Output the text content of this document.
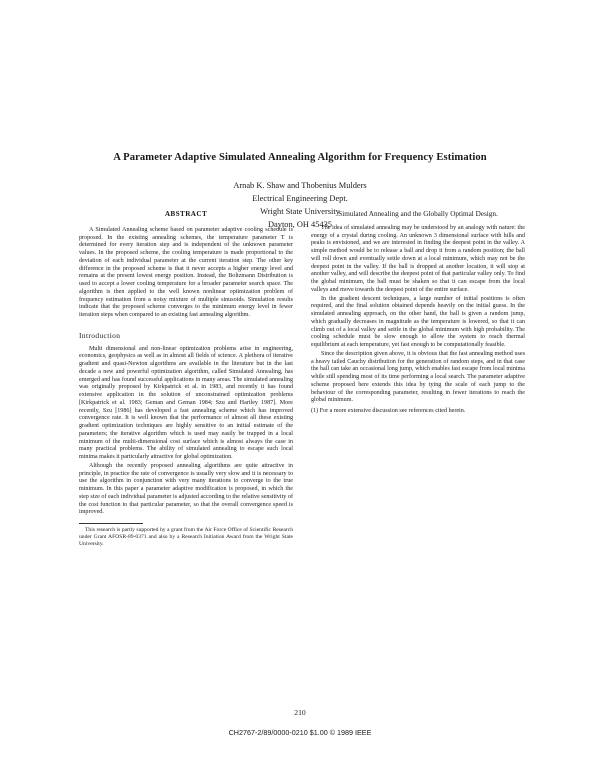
A Parameter Adaptive Simulated Annealing Algorithm for Frequency Estimation
Arnab K. Shaw and Thobenius Mulders
Electrical Engineering Dept.
Wright State University
Dayton, OH 45435
ABSTRACT

A Simulated Annealing scheme based on parameter adaptive cooling schedule is proposed. In the existing annealing schemes, the temperature parameter T is determined for every iteration step and is independent of the unknown parameter values. In the proposed scheme, the cooling temperature is made proportional to the deviation of each individual parameter at the current iteration step. The other key difference in the proposed scheme is that it never accepts a higher energy level and remains at the present lowest energy position. Instead, the Boltzmann Distribution is used to accept a lower cooling temperature for a broader parameter search space. The algorithm is then applied to the well known nonlinear optimization problem of frequency estimation from a noisy mixture of multiple sinusoids. Simulation results indicate that the proposed scheme converges to the minimum energy level in fewer iteration steps when compared to an existing fast annealing algorithm.

Introduction

Multi dimensional and non-linear optimization problems arise in engineering, economics, geophysics as well as in almost all fields of science. A plethora of iterative gradient and quasi-Newton algorithms are available in the literature but in the last decade a new and powerful optimization algorithm, called Simulated Annealing, has emerged and has found successful applications in many areas. The simulated annealing was originally proposed by Kirkpatrick et al. in 1983, and recently it has found extensive application in the solution of unconstrained optimization problems [Kirkpatrick et al. 1983; Geman and Geman 1984; Szu and Hartley 1987]. More recently, Szu [1986] has developed a fast annealing scheme which has improved convergence rate. It is well known that the performance of almost all these existing gradient optimization techniques are highly sensitive to an initial estimate of the parameters; the iterative algorithm which is used may easily be trapped in a local minimum of the multi-dimensional cost surface which is almost always the case in many practical problems. The ability of simulated annealing to escape such local minima makes it particularly attractive for global optimization.

Although the recently proposed annealing algorithms are quite attractive in principle, in practice the rate of convergence is usually very slow and it is necessary to use the algorithm in conjunction with very many iterations to converge to the true minimum. In this paper a parameter adaptive modification is proposed, in which the step size of each individual parameter is adjusted according to the relative sensitivity of the cost function to that particular parameter, so that the overall convergence speed is improved.

This research is partly supported by a grant from the Air Force Office of Scientific Research under Grant AFOSR-89-0371 and also by a Research Initiation Award from the Wright State University.

Simulated Annealing and the Globally Optimal Design.

The idea of simulated annealing may be understood by an analogy with nature: the energy of a crystal during cooling. An unknown 3 dimensional surface with hills and peaks is envisioned, and we are interested in finding the deepest point in the valley. A simple method would be to release a ball and drop it from a random position; the ball will roll down and eventually settle down at a local minimum, which may not be the deepest point in the valley. If the ball is dropped at another location, it will stop at another valley, and will describe the deepest point of that particular valley only. To find the global minimum, the ball must be shaken so that it can escape from the local valleys and move towards the deepest point of the entire surface.

In the gradient descent techniques, a large number of initial positions is often required, and the final solution obtained depends heavily on the initial guess. In the simulated annealing approach, on the other hand, the ball is given a random jump, which gradually decreases in magnitude as the temperature is lowered, so that it can climb out of a local valley and settle in the global minimum with high probability. The cooling schedule must be slow enough to allow the system to reach thermal equilibrium at each temperature, yet fast enough to be computationally feasible.

Since the description given above, it is obvious that the fast annealing method uses a heavy tailed Cauchy distribution for the generation of random steps, and in that case the ball can take an occasional long jump, which enables fast escape from local minima while still spending most of its time performing a local search. The parameter adaptive scheme proposed here extends this idea by tying the scale of each jump to the behaviour of the corresponding parameter, resulting in fewer iterations to reach the global minimum.

(1) For a more extensive discussion see references cited herein.

210
CH2767-2/89/0000-0210 $1.00 © 1989 IEEE
